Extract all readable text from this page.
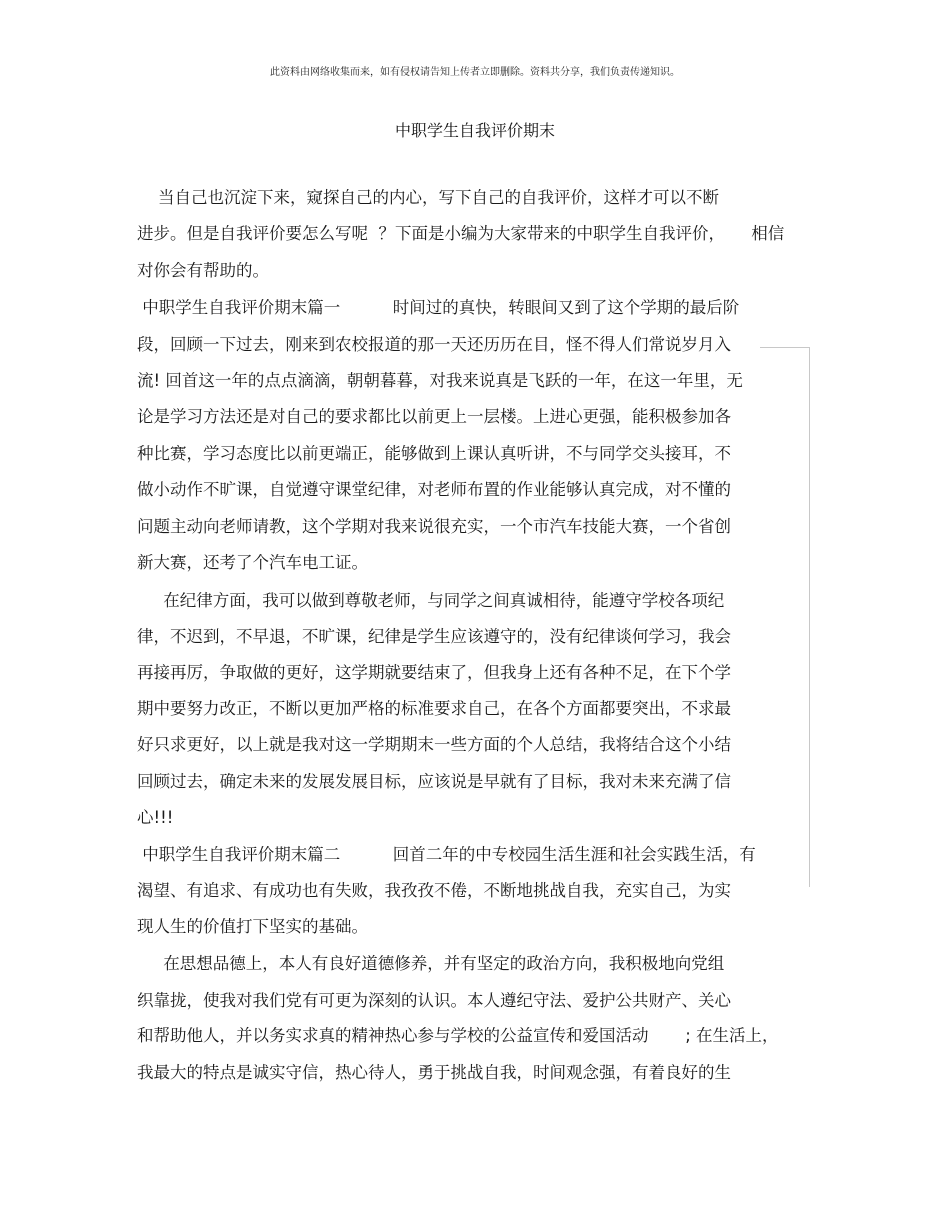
此资料由网络收集而来，如有侵权请告知上传者立即删除。资料共分享，我们负责传递知识。
中职学生自我评价期末
当自己也沉淀下来，窥探自己的内心，写下自己的自我评价，这样才可以不断
进步。但是自我评价要怎么写呢  ？下面是小编为大家带来的中职学生自我评价，     相信
对你会有帮助的。
中职学生自我评价期末篇一          时间过的真快，转眼间又到了这个学期的最后阶
段，回顾一下过去，刚来到农校报道的那一天还历历在目，怪不得人们常说岁月入
流! 回首这一年的点点滴滴，朝朝暮暮，对我来说真是飞跃的一年，在这一年里，无
论是学习方法还是对自己的要求都比以前更上一层楼。上进心更强，能积极参加各
种比赛，学习态度比以前更端正，能够做到上课认真听讲，不与同学交头接耳，不
做小动作不旷课，自觉遵守课堂纪律，对老师布置的作业能够认真完成，对不懂的
问题主动向老师请教，这个学期对我来说很充实，一个市汽车技能大赛，一个省创
新大赛，还考了个汽车电工证。
在纪律方面，我可以做到尊敬老师，与同学之间真诚相待，能遵守学校各项纪
律，不迟到，不早退，不旷课，纪律是学生应该遵守的，没有纪律谈何学习，我会
再接再厉，争取做的更好，这学期就要结束了，但我身上还有各种不足，在下个学
期中要努力改正，不断以更加严格的标准要求自己，在各个方面都要突出，不求最
好只求更好，以上就是我对这一学期期末一些方面的个人总结，我将结合这个小结
回顾过去，确定未来的发展发展目标，应该说是早就有了目标，我对未来充满了信
心!!!
中职学生自我评价期末篇二          回首二年的中专校园生活生涯和社会实践生活，有
渴望、有追求、有成功也有失败，我孜孜不倦，不断地挑战自我，充实自己，为实
现人生的价值打下坚实的基础。
在思想品德上，本人有良好道德修养，并有坚定的政治方向，我积极地向党组
织靠拢，使我对我们党有可更为深刻的认识。本人遵纪守法、爱护公共财产、关心
和帮助他人，并以务实求真的精神热心参与学校的公益宣传和爱国活动       ; 在生活上，
我最大的特点是诚实守信，热心待人，勇于挑战自我，时间观念强，有着良好的生
